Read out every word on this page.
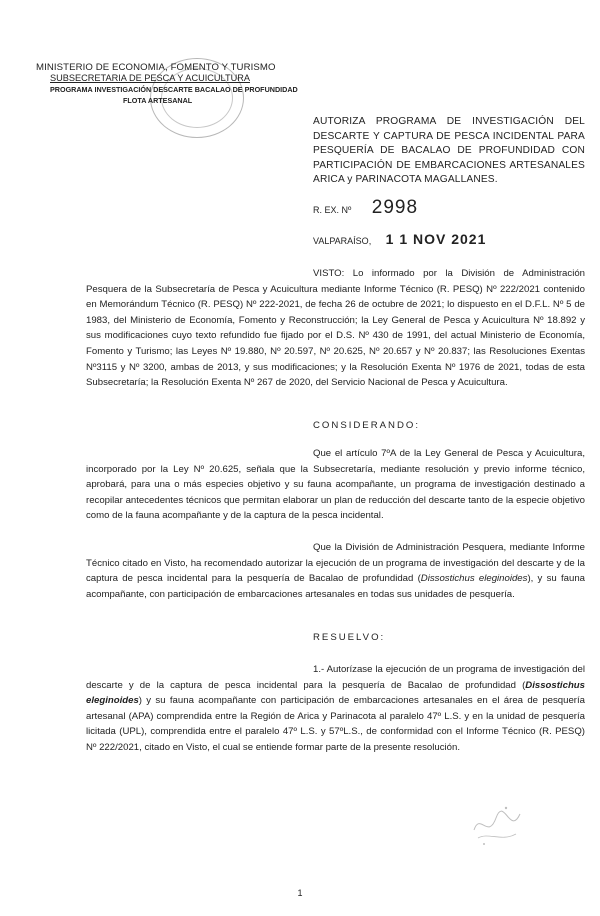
MINISTERIO DE ECONOMIA, FOMENTO Y TURISMO
SUBSECRETARIA DE PESCA Y ACUICULTURA
PROGRAMA INVESTIGACIÓN DESCARTE BACALAO DE PROFUNDIDAD
FLOTA ARTESANAL
AUTORIZA PROGRAMA DE INVESTIGACIÓN DEL DESCARTE Y CAPTURA DE PESCA INCIDENTAL PARA PESQUERÍA DE BACALAO DE PROFUNDIDAD CON PARTICIPACIÓN DE EMBARCACIONES ARTESANALES ARICA y PARINACOTA MAGALLANES.
R. EX. Nº 2998
VALPARAÍSO, 1 1 NOV 2021
VISTO: Lo informado por la División de Administración Pesquera de la Subsecretaría de Pesca y Acuicultura mediante Informe Técnico (R. PESQ) Nº 222/2021 contenido en Memorándum Técnico (R. PESQ) Nº 222-2021, de fecha 26 de octubre de 2021; lo dispuesto en el D.F.L. Nº 5 de 1983, del Ministerio de Economía, Fomento y Reconstrucción; la Ley General de Pesca y Acuicultura Nº 18.892 y sus modificaciones cuyo texto refundido fue fijado por el D.S. Nº 430 de 1991, del actual Ministerio de Economía, Fomento y Turismo; las Leyes Nº 19.880, Nº 20.597, Nº 20.625, Nº 20.657 y Nº 20.837; las Resoluciones Exentas Nº3115 y Nº 3200, ambas de 2013, y sus modificaciones; y la Resolución Exenta Nº 1976 de 2021, todas de esta Subsecretaría; la Resolución Exenta Nº 267 de 2020, del Servicio Nacional de Pesca y Acuicultura.
CONSIDERANDO:
Que el artículo 7ºA de la Ley General de Pesca y Acuicultura, incorporado por la Ley Nº 20.625, señala que la Subsecretaría, mediante resolución y previo informe técnico, aprobará, para una o más especies objetivo y su fauna acompañante, un programa de investigación destinado a recopilar antecedentes técnicos que permitan elaborar un plan de reducción del descarte tanto de la especie objetivo como de la fauna acompañante y de la captura de la pesca incidental.
Que la División de Administración Pesquera, mediante Informe Técnico citado en Visto, ha recomendado autorizar la ejecución de un programa de investigación del descarte y de la captura de pesca incidental para la pesquería de Bacalao de profundidad (Dissostichus eleginoides), y su fauna acompañante, con participación de embarcaciones artesanales en todas sus unidades de pesquería.
RESUELVO:
1.- Autorízase la ejecución de un programa de investigación del descarte y de la captura de pesca incidental para la pesquería de Bacalao de profundidad (Dissostichus eleginoides) y su fauna acompañante con participación de embarcaciones artesanales en el área de pesquería artesanal (APA) comprendida entre la Región de Arica y Parinacota al paralelo 47º L.S. y en la unidad de pesquería licitada (UPL), comprendida entre el paralelo 47º L.S. y 57ºL.S., de conformidad con el Informe Técnico (R. PESQ) Nº 222/2021, citado en Visto, el cual se entiende formar parte de la presente resolución.
1
